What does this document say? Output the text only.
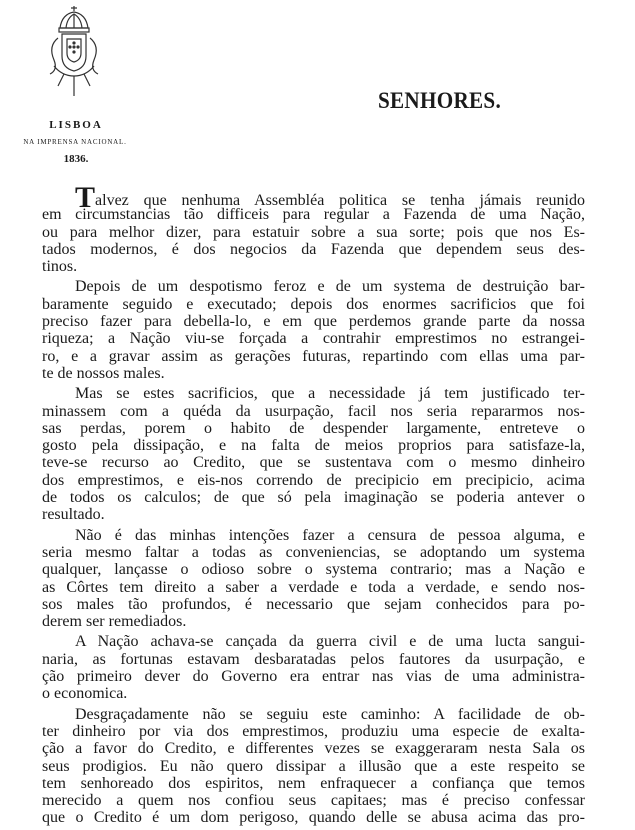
SENHORES.
LISBOA
NA IMPRENSA NACIONAL.
1836.
Talvez que nenhuma Assembléa politica se tenha jámais reunido
em circumstancias tão difficeis para regular a Fazenda de uma Nação,
ou para melhor dizer, para estatuir sobre a sua sorte; pois que nos Es-
tados modernos, é dos negocios da Fazenda que dependem seus des-
tinos.
Depois de um despotismo feroz e de um systema de destruição bar-
baramente seguido e executado; depois dos enormes sacrificios que foi
preciso fazer para debella-lo, e em que perdemos grande parte da nossa
riqueza; a Nação viu-se forçada a contrahir emprestimos no estrangei-
ro, e a gravar assim as gerações futuras, repartindo com ellas uma par-
te de nossos males.
Mas se estes sacrificios, que a necessidade já tem justificado ter-
minassem com a quéda da usurpação, facil nos seria repararmos nos-
sas perdas, porem o habito de despender largamente, entreteve o
gosto pela dissipação, e na falta de meios proprios para satisfaze-la,
teve-se recurso ao Credito, que se sustentava com o mesmo dinheiro
dos emprestimos, e eis-nos correndo de precipicio em precipicio, acima
de todos os calculos; de que só pela imaginação se poderia antever o
resultado.
Não é das minhas intenções fazer a censura de pessoa alguma, e
seria mesmo faltar a todas as conveniencias, se adoptando um systema
qualquer, lançasse o odioso sobre o systema contrario; mas a Nação e
as Côrtes tem direito a saber a verdade e toda a verdade, e sendo nos-
sos males tão profundos, é necessario que sejam conhecidos para po-
derem ser remediados.
A Nação achava-se cançada da guerra civil e de uma lucta sangui-
naria, as fortunas estavam desbaratadas pelos fautores da usurpação, e
ção primeiro dever do Governo era entrar nas vias de uma administra-
o economica.
Desgraçadamente não se seguiu este caminho: A facilidade de ob-
ter dinheiro por via dos emprestimos, produziu uma especie de exalta-
ção a favor do Credito, e differentes vezes se exaggeraram nesta Sala os
seus prodigios. Eu não quero dissipar a illusão que a este respeito se
tem senhoreado dos espiritos, nem enfraquecer a confiança que temos
merecido a quem nos confiou seus capitaes; mas é preciso confessar
que o Credito é um dom perigoso, quando delle se abusa acima das pro-
